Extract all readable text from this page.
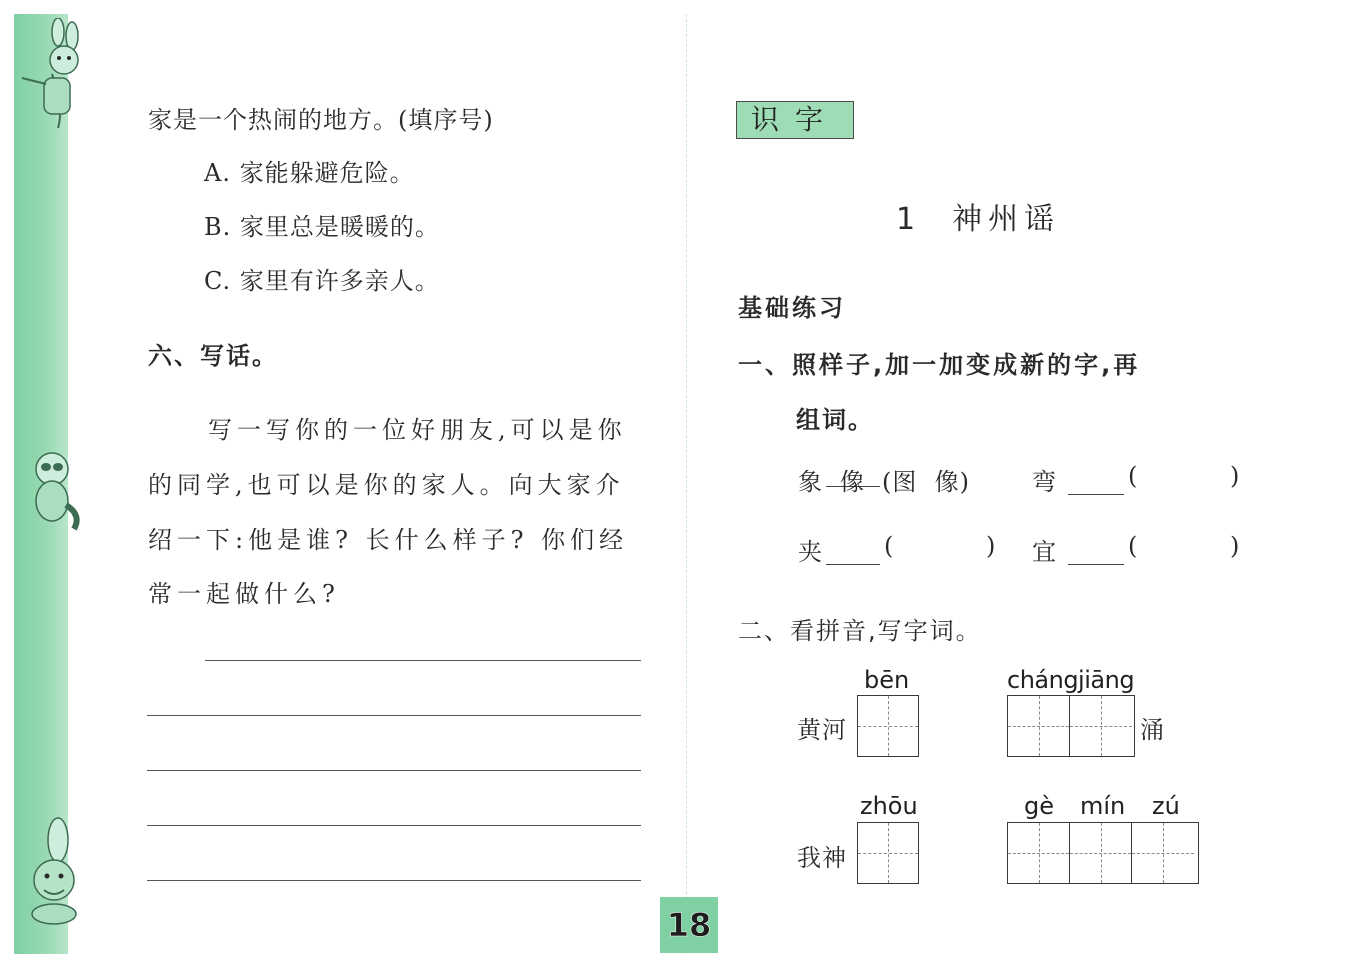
家是一个热闹的地方。(填序号)
A. 家能躲避危险。
B. 家里总是暖暖的。
C. 家里有许多亲人。
六、写话。
写一写你的一位好朋友,可以是你
的同学,也可以是你的家人。向大家介
绍一下:他是谁? 长什么样子? 你们经
常一起做什么?
识字
1  神州谣
基础练习
一、照样子,加一加变成新的字,再
组词。
象 像 (图  像)	弯	(	)
夹	(	) 宜	(	)
二、看拼音,写字词。
bēn
黄河
chángjiāng
涌
zhōu
我神
gè mín zú
18
